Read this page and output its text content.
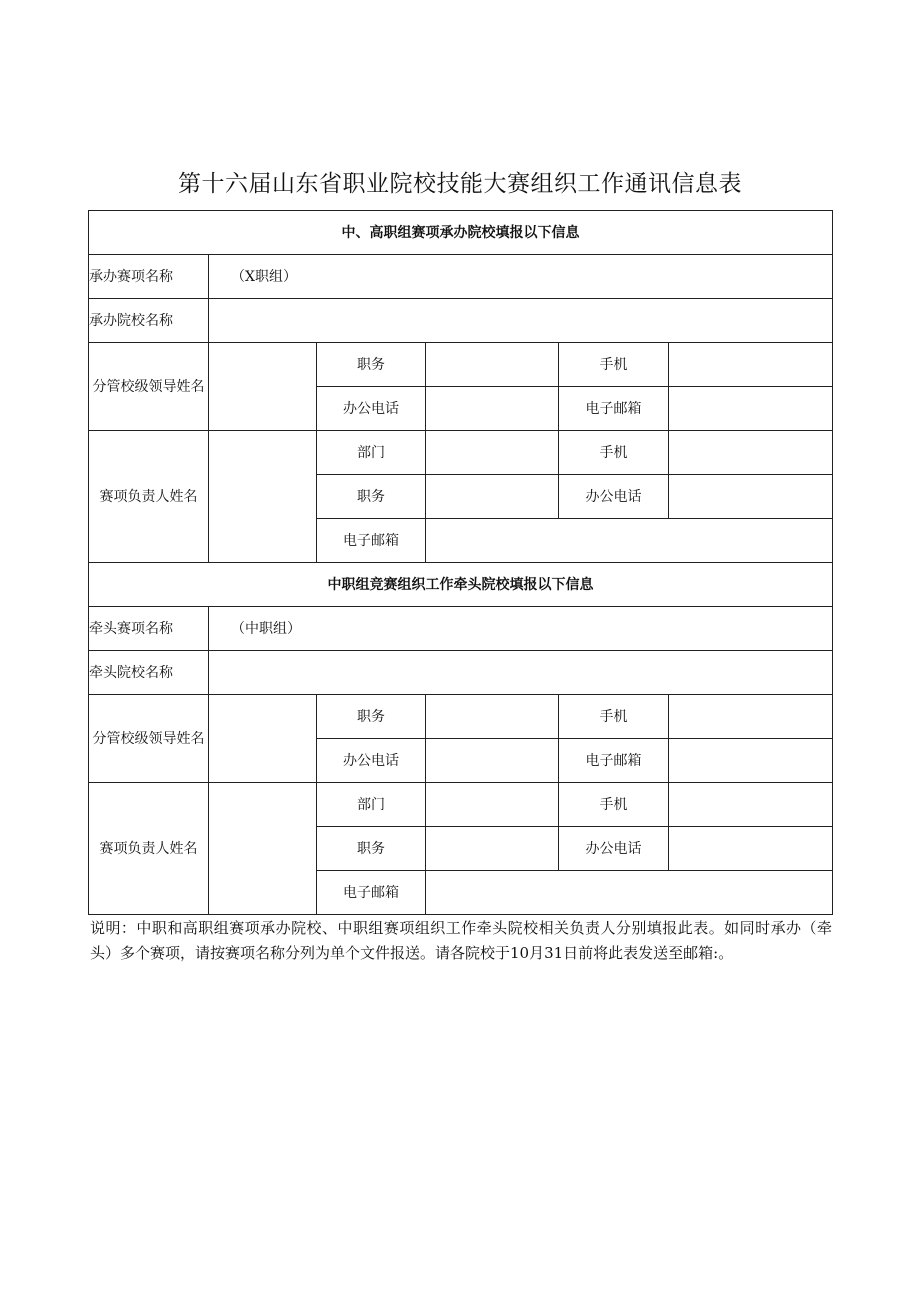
第十六届山东省职业院校技能大赛组织工作通讯信息表
中、高职组赛项承办院校填报以下信息					
承办赛项名称	（X职组）				
承办院校名称					
分管校级领导姓名		职务		手机	
		办公电话		电子邮箱	
赛项负责人姓名		部门		手机	
		职务		办公电话	
		电子邮箱			
中职组竞赛组织工作牵头院校填报以下信息					
牵头赛项名称	（中职组）				
牵头院校名称					
分管校级领导姓名		职务		手机	
		办公电话		电子邮箱	
赛项负责人姓名		部门		手机	
		职务		办公电话	
		电子邮箱			
说明：中职和高职组赛项承办院校、中职组赛项组织工作牵头院校相关负责人分别填报此表。如同时承办（牵头）多个赛项，请按赛项名称分列为单个文件报送。请各院校于10月31日前将此表发送至邮箱:。
